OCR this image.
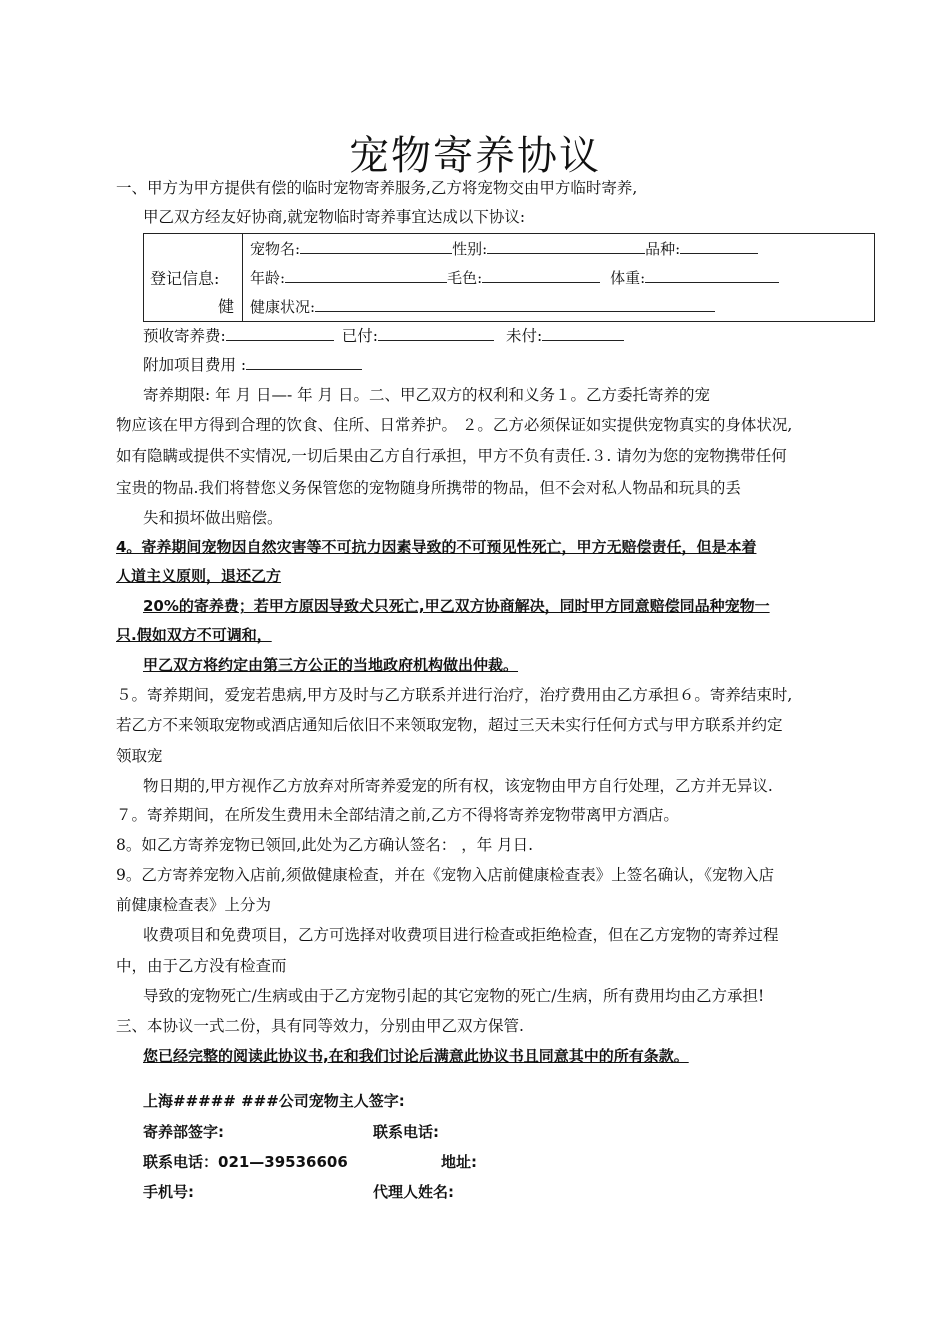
宠物寄养协议
一、甲方为甲方提供有偿的临时宠物寄养服务,乙方将宠物交由甲方临时寄养,
甲乙双方经友好协商,就宠物临时寄养事宜达成以下协议:
登记信息:
健
宠物名:	性别:	品种:
年龄:	毛色:	体重:
健康状况:
预收寄养费:	已付:	未付:
附加项目费用 :
寄养期限: 年 月 日—- 年 月 日。二、甲乙双方的权利和义务１。乙方委托寄养的宠
物应该在甲方得到合理的饮食、住所、日常养护。 ２。乙方必须保证如实提供宠物真实的身体状况,
如有隐瞒或提供不实情况,一切后果由乙方自行承担，甲方不负有责任.３. 请勿为您的宠物携带任何
宝贵的物品.我们将替您义务保管您的宠物随身所携带的物品，但不会对私人物品和玩具的丢
失和损坏做出赔偿。
4。寄养期间宠物因自然灾害等不可抗力因素导致的不可预见性死亡，甲方无赔偿责任，但是本着
人道主义原则，退还乙方
20%的寄养费；若甲方原因导致犬只死亡,甲乙双方协商解决，同时甲方同意赔偿同品种宠物一
只.假如双方不可调和，
甲乙双方将约定由第三方公正的当地政府机构做出仲裁。
５。寄养期间，爱宠若患病,甲方及时与乙方联系并进行治疗，治疗费用由乙方承担６。寄养结束时,
若乙方不来领取宠物或酒店通知后依旧不来领取宠物，超过三天未实行任何方式与甲方联系并约定
领取宠
物日期的,甲方视作乙方放弃对所寄养爱宠的所有权，该宠物由甲方自行处理，乙方并无异议.
７。寄养期间，在所发生费用未全部结清之前,乙方不得将寄养宠物带离甲方酒店。
8。如乙方寄养宠物已领回,此处为乙方确认签名： ，年 月日.
9。乙方寄养宠物入店前,须做健康检查，并在《宠物入店前健康检查表》上签名确认，《宠物入店
前健康检查表》上分为
收费项目和免费项目，乙方可选择对收费项目进行检查或拒绝检查，但在乙方宠物的寄养过程
中，由于乙方没有检查而
导致的宠物死亡/生病或由于乙方宠物引起的其它宠物的死亡/生病，所有费用均由乙方承担!
三、本协议一式二份，具有同等效力，分别由甲乙双方保管.
您已经完整的阅读此协议书,在和我们讨论后满意此协议书且同意其中的所有条款。
上海##### ###公司宠物主人签字:
寄养部签字:	联系电话:
联系电话：021—39536606	地址:
手机号:	代理人姓名:
